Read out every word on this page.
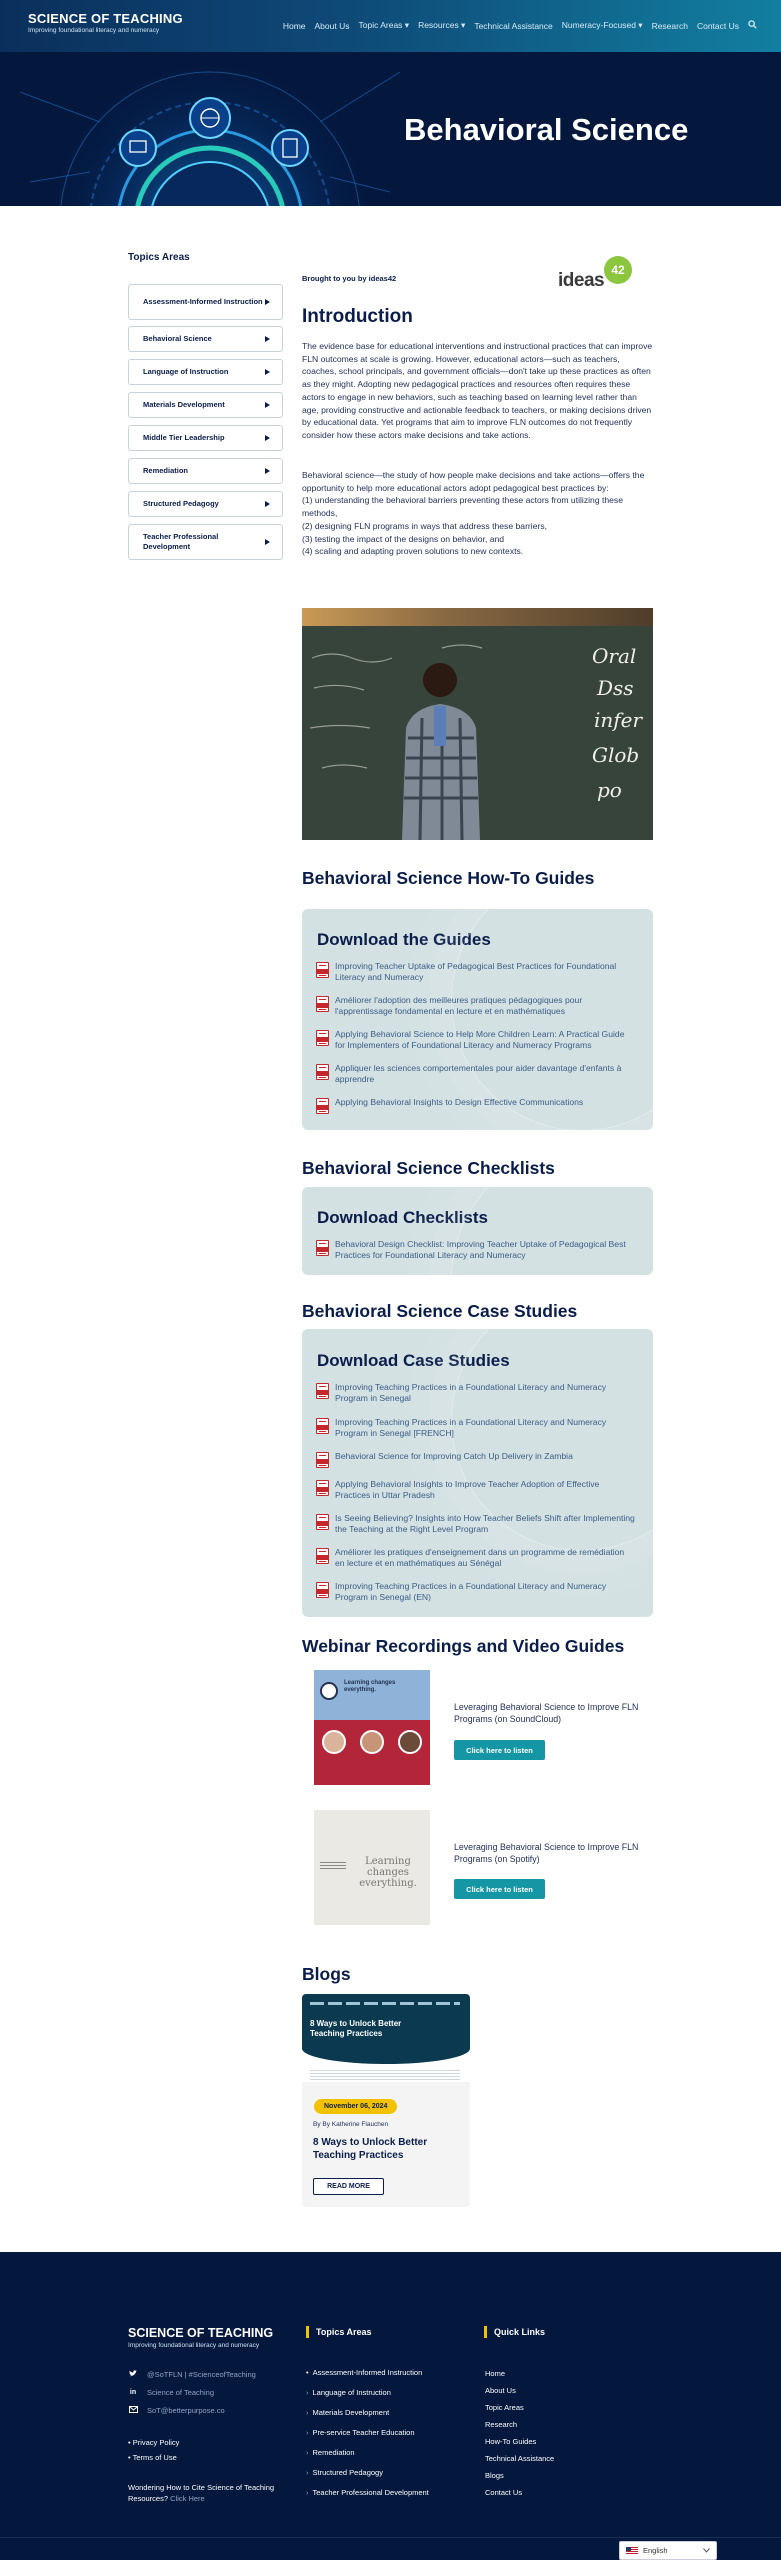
SCIENCE OF TEACHING
Improving foundational literacy and numeracy	Home About Us Topic Areas ▾ Resources ▾ Technical Assistance Numeracy-Focused ▾ Research Contact Us
Behavioral Science
Topics Areas
Assessment-Informed Instruction
Behavioral Science
Language of Instruction
Materials Development
Middle Tier Leadership
Remediation
Structured Pedagogy
Teacher Professional Development
Brought to you by ideas42	ideas 42
Introduction
The evidence base for educational interventions and instructional practices that can improve FLN outcomes at scale is growing. However, educational actors—such as teachers, coaches, school principals, and government officials—don't take up these practices as often as they might. Adopting new pedagogical practices and resources often requires these actors to engage in new behaviors, such as teaching based on learning level rather than age, providing constructive and actionable feedback to teachers, or making decisions driven by educational data. Yet programs that aim to improve FLN outcomes do not frequently consider how these actors make decisions and take actions.
Behavioral science—the study of how people make decisions and take actions—offers the opportunity to help more educational actors adopt pedagogical best practices by:
(1) understanding the behavioral barriers preventing these actors from utilizing these methods,
(2) designing FLN programs in ways that address these barriers,
(3) testing the impact of the designs on behavior, and
(4) scaling and adapting proven solutions to new contexts.
Oral
Dss
infer
Glob
po
Behavioral Science How-To Guides
Download the Guides
Improving Teacher Uptake of Pedagogical Best Practices for Foundational Literacy and Numeracy
Améliorer l'adoption des meilleures pratiques pédagogiques pour l'apprentissage fondamental en lecture et en mathématiques
Applying Behavioral Science to Help More Children Learn: A Practical Guide for Implementers of Foundational Literacy and Numeracy Programs
Appliquer les sciences comportementales pour aider davantage d'enfants à apprendre
Applying Behavioral Insights to Design Effective Communications
Behavioral Science Checklists
Download Checklists
Behavioral Design Checklist: Improving Teacher Uptake of Pedagogical Best Practices for Foundational Literacy and Numeracy
Behavioral Science Case Studies
Download Case Studies
Improving Teaching Practices in a Foundational Literacy and Numeracy Program in Senegal
Improving Teaching Practices in a Foundational Literacy and Numeracy Program in Senegal [FRENCH]
Behavioral Science for Improving Catch Up Delivery in Zambia
Applying Behavioral Insights to Improve Teacher Adoption of Effective Practices in Uttar Pradesh
Is Seeing Believing? Insights into How Teacher Beliefs Shift after Implementing the Teaching at the Right Level Program
Améliorer les pratiques d'enseignement dans un programme de remédiation en lecture et en mathématiques au Sénégal
Improving Teaching Practices in a Foundational Literacy and Numeracy Program in Senegal (EN)
Webinar Recordings and Video Guides
Learning changes everything.
Leveraging Behavioral Science to Improve FLN Programs (on SoundCloud)
Click here to listen
Learning changes everything.
Leveraging Behavioral Science to Improve FLN Programs (on Spotify)
Click here to listen
Blogs
8 Ways to Unlock Better Teaching Practices
November 06, 2024
By By Katherine Flauchen
8 Ways to Unlock Better Teaching Practices
READ MORE
SCIENCE OF TEACHING
Improving foundational literacy and numeracy
@SoTFLN | #ScienceofTeaching
in Science of Teaching
SoT@betterpurpose.co
• Privacy Policy
• Terms of Use
Wondering How to Cite Science of Teaching Resources? Click Here
Topics Areas
• Assessment-Informed Instruction
› Language of Instruction
› Materials Development
› Pre-service Teacher Education
› Remediation
› Structured Pedagogy
› Teacher Professional Development
Quick Links
Home
About Us
Topic Areas
Research
How-To Guides
Technical Assistance
Blogs
Contact Us
English
